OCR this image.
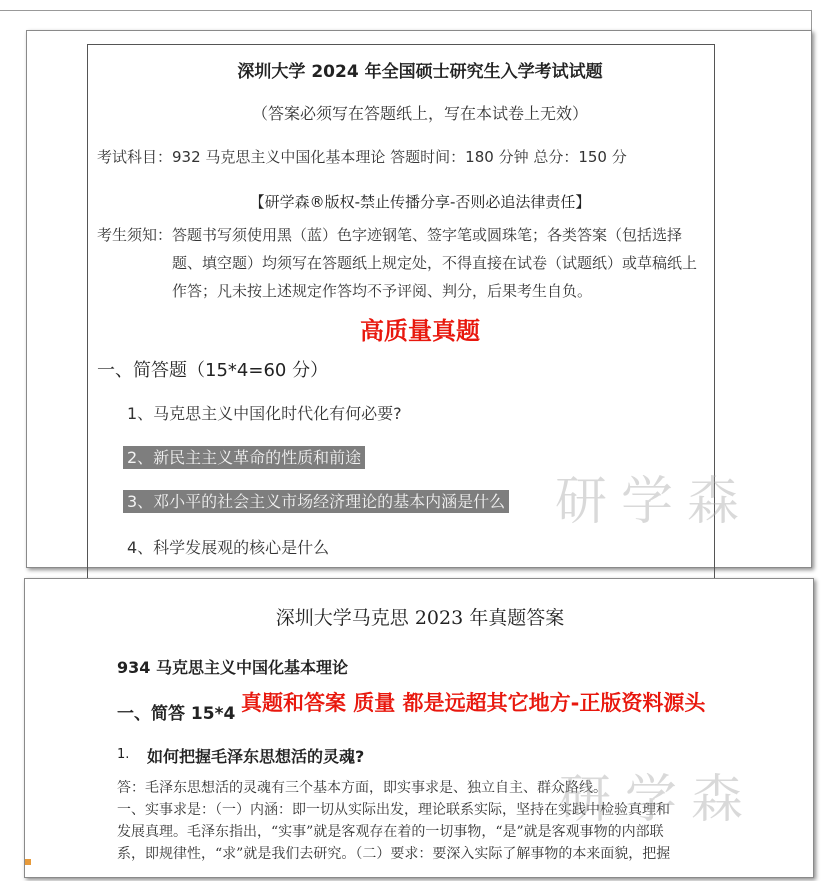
深圳大学 2024 年全国硕士研究生入学考试试题
（答案必须写在答题纸上，写在本试卷上无效）
考试科目：932 马克思主义中国化基本理论 答题时间：180 分钟 总分：150 分
【研学森®版权-禁止传播分享-否则必追法律责任】
考生须知：答题书写须使用黑（蓝）色字迹钢笔、签字笔或圆珠笔；各类答案（包括选择
题、填空题）均须写在答题纸上规定处，不得直接在试卷（试题纸）或草稿纸上
作答；凡未按上述规定作答均不予评阅、判分，后果考生自负。
高质量真题
一、简答题（15*4=60 分）
1、马克思主义中国化时代化有何必要?
2、新民主主义革命的性质和前途
3、邓小平的社会主义市场经济理论的基本内涵是什么
4、科学发展观的核心是什么
研学森
深圳大学马克思 2023 年真题答案
934 马克思主义中国化基本理论
一、简答 15*4 真题和答案 质量 都是远超其它地方-正版资料源头
1. 如何把握毛泽东思想活的灵魂?
答：毛泽东思想活的灵魂有三个基本方面，即实事求是、独立自主、群众路线。
一、实事求是：（一）内涵：即一切从实际出发，理论联系实际，坚持在实践中检验真理和
发展真理。毛泽东指出，“实事”就是客观存在着的一切事物，“是”就是客观事物的内部联
系，即规律性，“求”就是我们去研究。（二）要求：要深入实际了解事物的本来面貌，把握
研学森
